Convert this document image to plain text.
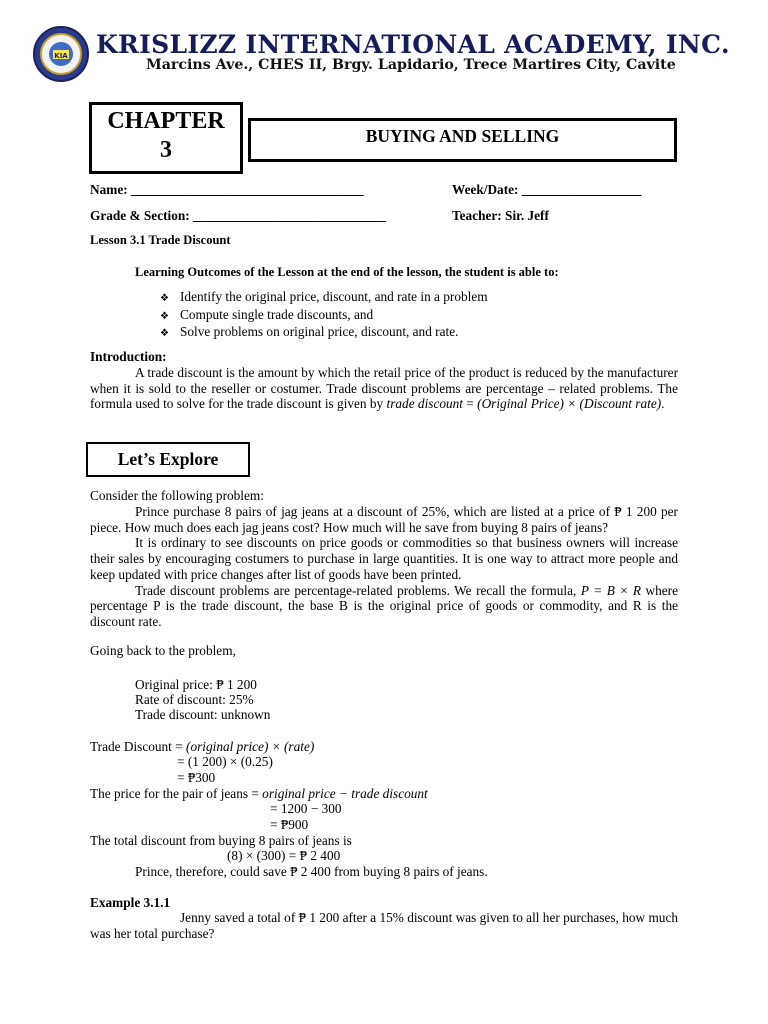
KIA KRISLIZZ INTERNATIONAL ACADEMY, INC.
Marcins Ave., CHES II, Brgy. Lapidario, Trece Martires City, Cavite
CHAPTER
3
BUYING AND SELLING
Name: ___________________________________	Week/Date: __________________
Grade & Section: _____________________________	Teacher: Sir. Jeff
Lesson 3.1 Trade Discount
Learning Outcomes of the Lesson at the end of the lesson, the student is able to:
❖ Identify the original price, discount, and rate in a problem
❖ Compute single trade discounts, and
❖ Solve problems on original price, discount, and rate.
Introduction:

A trade discount is the amount by which the retail price of the product is reduced by the manufacturer when it is sold to the reseller or costumer. Trade discount problems are percentage – related problems. The formula used to solve for the trade discount is given by trade discount = (Original Price) × (Discount rate).

Let’s Explore
Consider the following problem:

Prince purchase 8 pairs of jag jeans at a discount of 25%, which are listed at a price of ₱ 1 200 per piece. How much does each jag jeans cost? How much will he save from buying 8 pairs of jeans?

It is ordinary to see discounts on price goods or commodities so that business owners will increase their sales by encouraging costumers to purchase in large quantities. It is one way to attract more people and keep updated with price changes after list of goods have been printed.

Trade discount problems are percentage-related problems. We recall the formula, P = B × R where percentage P is the trade discount, the base B is the original price of goods or commodity, and R is the discount rate.

Going back to the problem,
Original price: ₱ 1 200
Rate of discount: 25%
Trade discount: unknown
Trade Discount = (original price) × (rate)
= (1 200) × (0.25)
= ₱300
The price for the pair of jeans = original price − trade discount
= 1200 − 300
= ₱900
The total discount from buying 8 pairs of jeans is
(8) × (300) = ₱ 2 400
Prince, therefore, could save ₱ 2 400 from buying 8 pairs of jeans.
Example 3.1.1

Jenny saved a total of ₱ 1 200 after a 15% discount was given to all her purchases, how much was her total purchase?
